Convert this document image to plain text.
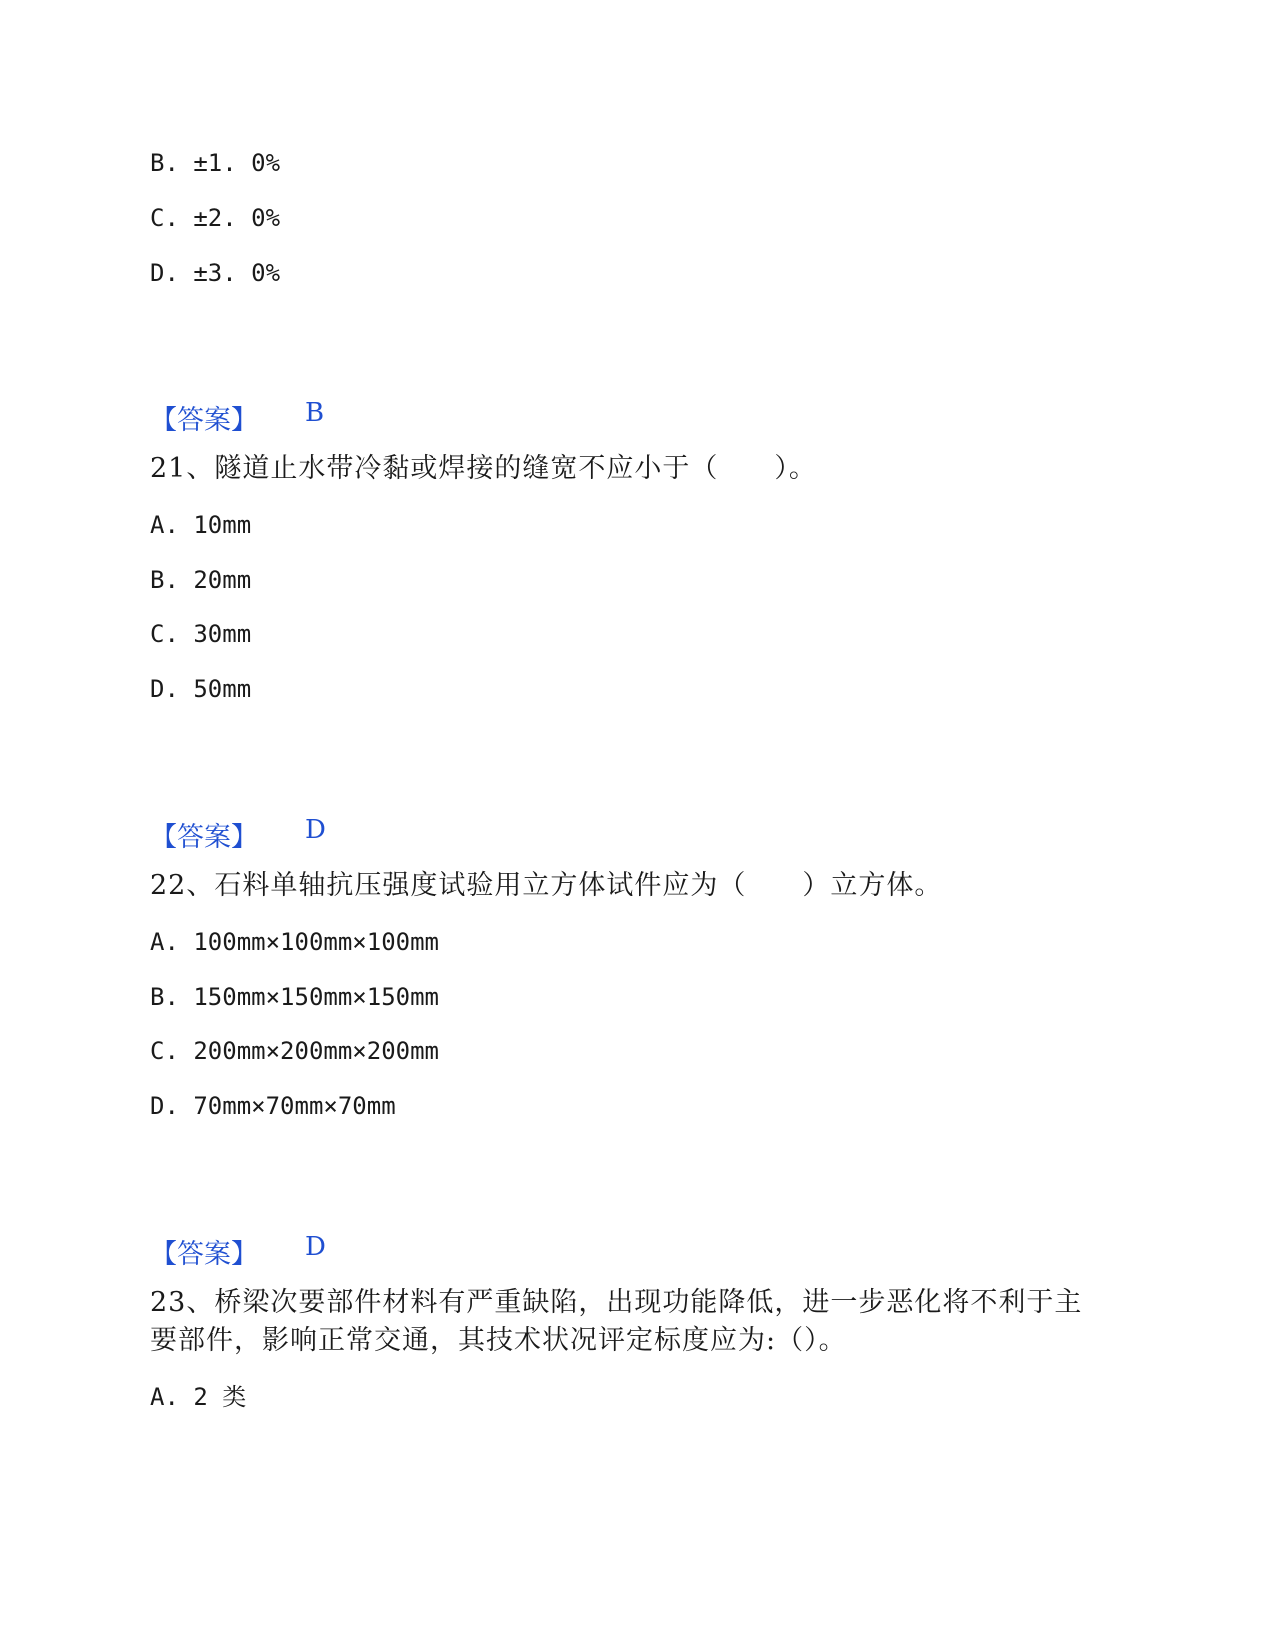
B. ±1. 0%
C. ±2. 0%
D. ±3. 0%
【答案】 B
21、隧道止水带冷黏或焊接的缝宽不应小于（　　）。
A. 10mm
B. 20mm
C. 30mm
D. 50mm
【答案】 D
22、石料单轴抗压强度试验用立方体试件应为（　　）立方体。
A. 100mm×100mm×100mm
B. 150mm×150mm×150mm
C. 200mm×200mm×200mm
D. 70mm×70mm×70mm
【答案】 D
23、桥梁次要部件材料有严重缺陷，出现功能降低，进一步恶化将不利于主
要部件，影响正常交通，其技术状况评定标度应为:（）。
A. 2 类
